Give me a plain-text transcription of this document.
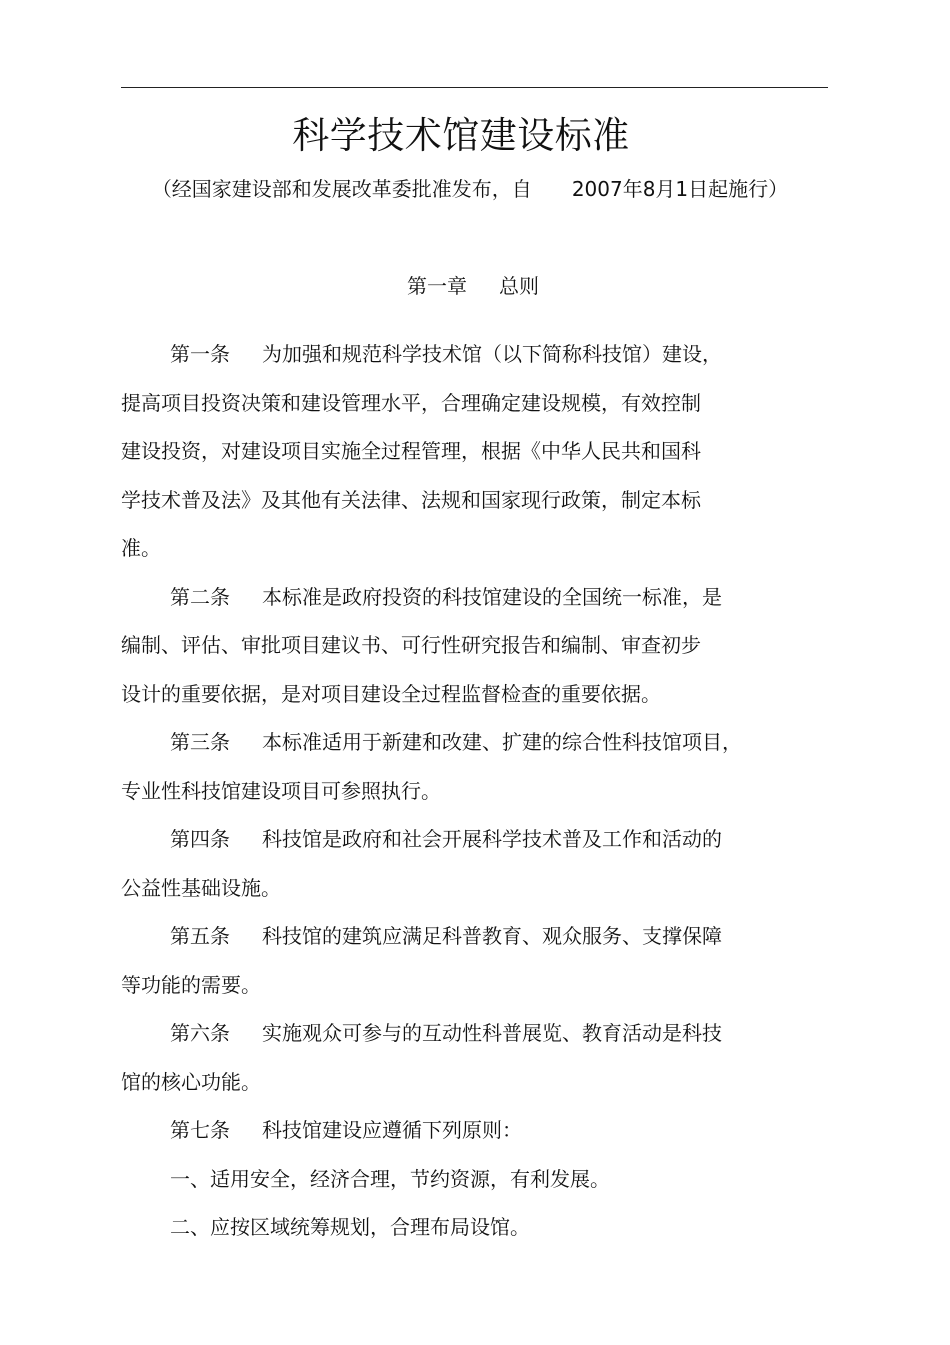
科学技术馆建设标准
（经国家建设部和发展改革委批准发布，自 2007年8月1日起施行）
第一章 总则
第一条 为加强和规范科学技术馆（以下简称科技馆）建设，
提高项目投资决策和建设管理水平，合理确定建设规模，有效控制
建设投资，对建设项目实施全过程管理，根据《中华人民共和国科
学技术普及法》及其他有关法律、法规和国家现行政策，制定本标
准。
第二条 本标准是政府投资的科技馆建设的全国统一标准，是
编制、评估、审批项目建议书、可行性研究报告和编制、审查初步
设计的重要依据，是对项目建设全过程监督检查的重要依据。
第三条 本标准适用于新建和改建、扩建的综合性科技馆项目，
专业性科技馆建设项目可参照执行。
第四条 科技馆是政府和社会开展科学技术普及工作和活动的
公益性基础设施。
第五条 科技馆的建筑应满足科普教育、观众服务、支撑保障
等功能的需要。
第六条 实施观众可参与的互动性科普展览、教育活动是科技
馆的核心功能。
第七条 科技馆建设应遵循下列原则：
一、适用安全，经济合理，节约资源，有利发展。
二、应按区域统筹规划，合理布局设馆。
